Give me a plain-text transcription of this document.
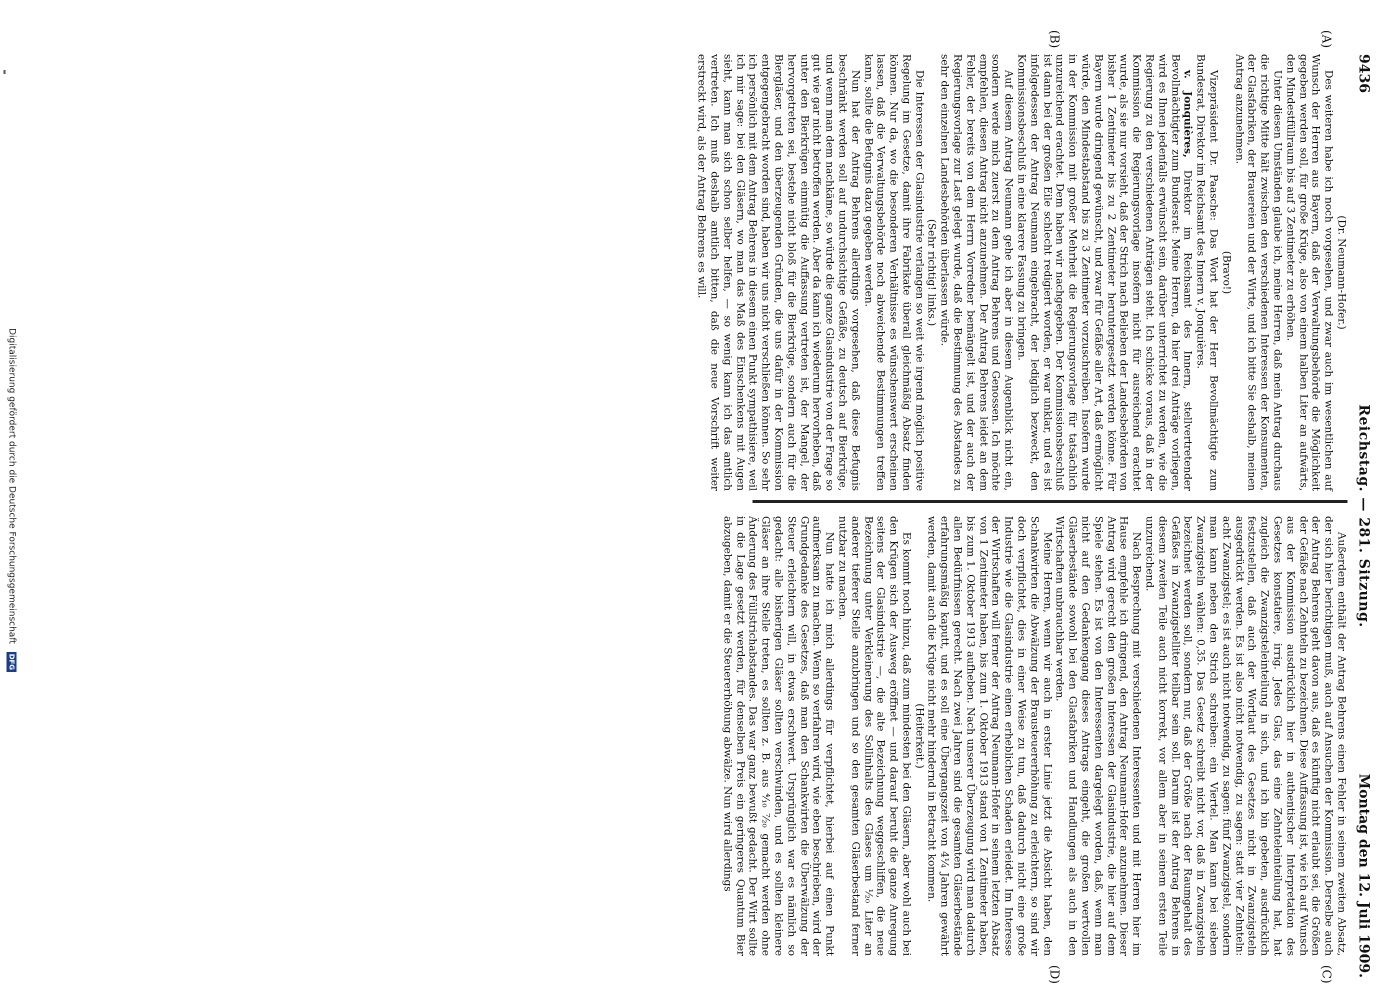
9436
Reichstag. — 281. Sitzung.
Montag den 12. Juli 1909.
(A)
(B)
(C)
(D)

(Dr. Neumann-Hofer.)

Des weiteren habe ich noch vorgesehen, und zwar auch im wesentlichen auf Wunsch der Herren aus Bayern, daß der Verwaltungsbehörde die Möglichkeit gegeben werden soll, für große Krüge, also von einem halben Liter an aufwärts, den Mindestfüllraum bis auf 3 Zentimeter zu erhöhen.

Unter diesen Umständen glaube ich, meine Herren, daß mein Antrag durchaus die richtige Mitte hält zwischen den verschiedenen Interessen der Konsumenten, der Glasfabriken, der Brauereien und der Wirte, und ich bitte Sie deshalb, meinen Antrag anzunehmen.

(Bravo!)

Vizepräsident Dr. Paasche: Das Wort hat der Herr Bevollmächtigte zum Bundesrat, Direktor im Reichsamt des Innern v. Jonquières.

v. Jonquières, Direktor im Reichsamt des Innern, stellvertretender Bevollmächtigter zum Bundesrat: Meine Herren, da hier drei Anträge vorliegen, wird es Ihnen jedenfalls erwünscht sein, darüber unterrichtet zu werden, wie die Regierung zu den verschiedenen Anträgen steht. Ich schicke voraus, daß in der Kommission die Regierungsvorlage insofern nicht für ausreichend erachtet wurde, als sie nur vorsieht, daß der Strich nach Belieben der Landesbehörden von bisher 1 Zentimeter bis zu 2 Zentimeter heruntergesetzt werden könne. Für Bayern wurde dringend gewünscht, und zwar für Gefäße aller Art, daß ermöglicht würde, den Mindestabstand bis zu 3 Zentimeter vorzuschreiben. Insofern wurde in der Kommission mit großer Mehrheit die Regierungsvorlage für tatsächlich unzureichend erachtet. Dem haben wir nachgegeben. Der Kommissionsbeschluß ist dann bei der großen Eile schlecht redigiert worden, er war unklar, und es ist infolgedessen der Antrag Neumann eingebracht, der lediglich bezweckt, den Kommissionsbeschluß in eine klarere Fassung zu bringen.

Auf diesem Antrag Neumann gehe ich aber in diesem Augenblick nicht ein, sondern werde mich zuerst zu dem Antrag Behrens und Genossen. Ich möchte empfehlen, diesen Antrag nicht anzunehmen. Der Antrag Behrens leidet an dem Fehler, der bereits von dem Herrn Vorredner bemängelt ist, und der auch der Regierungsvorlage zur Last gelegt wurde, daß die Bestimmung des Abstandes zu sehr den einzelnen Landesbehörden überlassen würde.

(Sehr richtig! links.)

Die Interessen der Glasindustrie verlangen so weit wie irgend möglich positive Regelung im Gesetze, damit ihre Fabrikate überall gleichmäßig Absatz finden können. Nur da, wo die besonderen Verhältnisse es wünschenswert erscheinen lassen, daß die Verwaltungsbehörde noch abweichende Bestimmungen treffen kann, sollte die Befugnis dazu gegeben werden.

Nun hat der Antrag Behrens allerdings vorgesehen, daß diese Befugnis beschränkt werden soll auf undurchsichtige Gefäße, zu deutsch auf Bierkrüge, und wenn man dem nachkäme, so würde die ganze Glasindustrie von der Frage so gut wie gar nicht betroffen werden. Aber da kann ich wiederum hervorheben, daß unter den Bierkrügen einmütig die Auffassung vertreten ist, der Mangel, der hervorgetreten sei, bestehe nicht bloß für die Bierkrüge, sondern auch für die Biergläser, und den überzeugenden Gründen, die uns dafür in der Kommission entgegengebracht worden sind, haben wir uns nicht verschließen können. So sehr ich persönlich mit dem Antrag Behrens in diesem einen Punkt sympathisiere, weil ich mir sage: bei den Gläsern, wo man das Maß des Einschenkens mit Augen sieht, kann man sich schon selber helfen, — so wenig kann ich das amtlich vertreten. Ich muß deshalb amtlich bitten, daß die neue Vorschrift weiter erstreckt wird, als der Antrag Behrens es will.

Außerdem enthält der Antrag Behrens einen Fehler in seinem zweiten Absatz, der sich hier berichtigen muß, auch auf Ansuchen der Kommission. Derselbe auch der Antrag Behrens geht davon aus, daß es künftig nicht erlaubt sei, die Größen der Gefäße nach Zehnteln zu bezeichnen. Diese Auffassung ist, wie ich auf Wunsch aus der Kommission ausdrücklich hier in authentischer Interpretation des Gesetzes konstatiere, irrig. Jedes Glas, das eine Zehnteleinteilung hat, hat zugleich die Zwanzigsteleinteilung in sich, und ich bin gebeten, ausdrücklich festzustellen, daß auch der Wortlaut des Gesetzes nicht in Zwanzigsteln ausgedrückt werden. Es ist also nicht notwendig, zu sagen: statt vier Zehnteln: acht Zwanzigstel; es ist auch nicht notwendig, zu sagen: fünf Zwanzigstel, sondern man kann neben den Strich schreiben: ein Viertel. Man kann bei sieben Zwanzigsteln wählen: 0,35. Das Gesetz schreibt nicht vor, daß in Zwanzigsteln bezeichnet werden soll, sondern nur, daß der Größe nach der Raumgehalt des Gefäßes in Zwanzigstelliter teilbar sein soll. Darum ist der Antrag Behrens in diesem zweiten Teile auch nicht korrekt, vor allem aber in seinem ersten Teile unzureichend.

Nach Besprechung mit verschiedenen Interessenten und mit Herren hier im Hause empfehle ich dringend, den Antrag Neumann-Hofer anzunehmen. Dieser Antrag wird gerecht den großen Interessen der Glasindustrie, die hier auf dem Spiele stehen. Es ist von den Interessenten dargelegt worden, daß, wenn man nicht auf den Gedankengang dieses Antrags eingeht, die großen wertvollen Gläserbestände sowohl bei den Glasfabriken und Handlungen als auch in den Wirtschaften unbrauchbar werden.

Meine Herren, wenn wir auch in erster Linie jetzt die Absicht haben, den Schankwirten die Abwälzung der Brausteuererhöhung zu erleichtern, so sind wir doch verpflichtet, dies in einer Weise zu tun, daß dadurch nicht eine große Industrie wie die Glasindustrie einen erheblichen Schaden erleidet. Im Interesse der Wirtschaften will ferner der Antrag Neumann-Hofer in seinem letzten Absatz von 1 Zentimeter haben, bis zum 1. Oktober 1913 stand von 1 Zentimeter haben, bis zum 1. Oktober 1913 aufheben. Nach unserer Überzeugung wird man dadurch allen Bedürfnissen gerecht. Nach zwei Jahren sind die gesamten Gläserbestände erfahrungsmäßig kaputt, und es soll eine Übergangszeit von 4¼ Jahren gewährt werden, damit auch die Krüge nicht mehr hindernd in Betracht kommen.

(Heiterkeit.)

Es kommt noch hinzu, daß zum mindesten bei den Gläsern, aber wohl auch bei den Krügen sich der Ausweg eröffnet — und darauf beruht die ganze Anregung seitens der Glasindustrie —, die alte Bezeichnung weggeschliffen, die neue Bezeichnung unter Verkleinerung des Sollinhalts des Glases um ¹⁄₂₀ Liter an anderer tieferer Stelle anzubringen und so den gesamten Gläserbestand ferner nutzbar zu machen.

Nun hatte ich mich allerdings für verpflichtet, hierbei auf einen Punkt aufmerksam zu machen. Wenn so verfahren wird, wie eben beschrieben, wird der Grundgedanke des Gesetzes, daß man den Schankwirten die Überwälzung der Steuer erleichtern will, in etwas erschwert. Ursprünglich war es nämlich so gedacht: alle bisherigen Gläser sollten verschwinden, und es sollten kleinere Gläser an ihre Stelle treten, es sollten z. B. aus ⁴⁄₁₀ ⁷⁄₂₀ gemacht werden ohne Änderung des Füllstrichabstandes. Das war ganz bewußt gedacht. Der Wirt sollte in die Lage gesetzt werden, für denselben Preis ein geringeres Quantum Bier abzugeben, damit er die Steuererhöhung abwälze. Nun wird allerdings

Digitalisierung gefördert durch die Deutsche Forschungsgemeinschaft
DFG
